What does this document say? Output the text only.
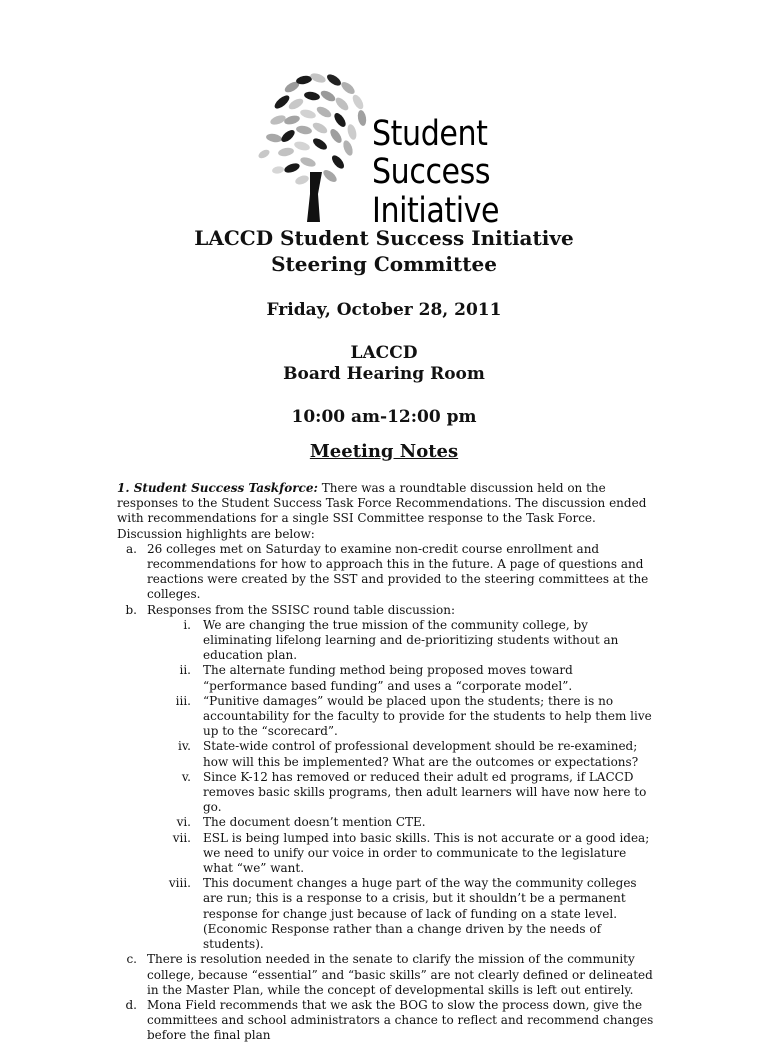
Student
Success
Initiative
LACCD Student Success Initiative
Steering Committee
Friday, October 28, 2011
LACCD
Board Hearing Room
10:00 am-12:00 pm
Meeting Notes

1. Student Success Taskforce: There was a roundtable discussion held on the responses to the Student Success Task Force Recommendations. The discussion ended with recommendations for a single SSI Committee response to the Task Force. Discussion highlights are below:

a. 26 colleges met on Saturday to examine non-credit course enrollment and recommendations for how to approach this in the future. A page of questions and reactions were created by the SST and provided to the steering committees at the colleges.
b. Responses from the SSISC round table discussion:
i.	We are changing the true mission of the community college, by eliminating lifelong learning and de-prioritizing students without an education plan.
ii.	The alternate funding method being proposed moves toward “performance based funding” and uses a “corporate model”.
iii.	“Punitive damages” would be placed upon the students; there is no accountability for the faculty to provide for the students to help them live up to the “scorecard”.
iv.	State-wide control of professional development should be re-examined; how will this be implemented? What are the outcomes or expectations?
v.	Since K-12 has removed or reduced their adult ed programs, if LACCD removes basic skills programs, then adult learners will have now here to go.
vi.	The document doesn’t mention CTE.
vii.	ESL is being lumped into basic skills. This is not accurate or a good idea; we need to unify our voice in order to communicate to the legislature what “we” want.
viii.	This document changes a huge part of the way the community colleges are run; this is a response to a crisis, but it shouldn’t be a permanent response for change just because of lack of funding on a state level. (Economic Response rather than a change driven by the needs of students).
c. There is resolution needed in the senate to clarify the mission of the community college, because “essential” and “basic skills” are not clearly defined or delineated in the Master Plan, while the concept of developmental skills is left out entirely.
d. Mona Field recommends that we ask the BOG to slow the process down, give the committees and school administrators a chance to reflect and recommend changes before the final plan
